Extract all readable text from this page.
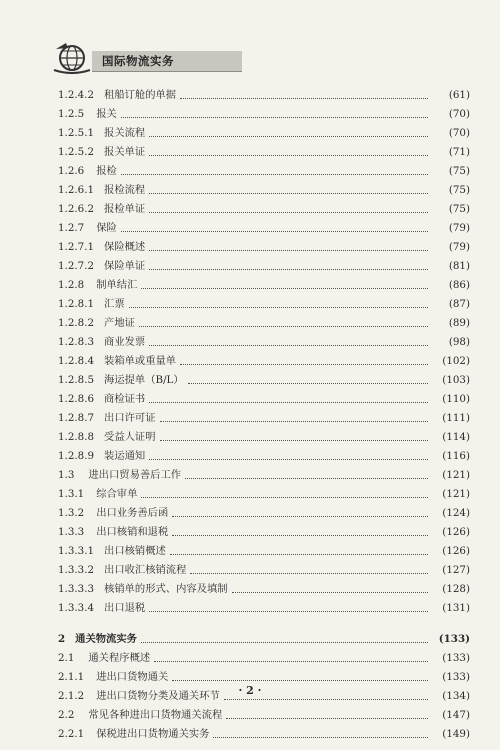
国际物流实务
1.2.4.2 租船订舱的单据	(61)
1.2.5 报关	(70)
1.2.5.1 报关流程	(70)
1.2.5.2 报关单证	(71)
1.2.6 报检	(75)
1.2.6.1 报检流程	(75)
1.2.6.2 报检单证	(75)
1.2.7 保险	(79)
1.2.7.1 保险概述	(79)
1.2.7.2 保险单证	(81)
1.2.8 制单结汇	(86)
1.2.8.1 汇票	(87)
1.2.8.2 产地证	(89)
1.2.8.3 商业发票	(98)
1.2.8.4 装箱单或重量单	(102)
1.2.8.5 海运提单（B/L）	(103)
1.2.8.6 商检证书	(110)
1.2.8.7 出口许可证	(111)
1.2.8.8 受益人证明	(114)
1.2.8.9 装运通知	(116)
1.3 进出口贸易善后工作	(121)
1.3.1 综合审单	(121)
1.3.2 出口业务善后函	(124)
1.3.3 出口核销和退税	(126)
1.3.3.1 出口核销概述	(126)
1.3.3.2 出口收汇核销流程	(127)
1.3.3.3 核销单的形式、内容及填制	(128)
1.3.3.4 出口退税	(131)
2 通关物流实务	(133)
2.1 通关程序概述	(133)
2.1.1 进出口货物通关	(133)
2.1.2 进出口货物分类及通关环节	(134)
2.2 常见各种进出口货物通关流程	(147)
2.2.1 保税进出口货物通关实务	(149)
· 2 ·
